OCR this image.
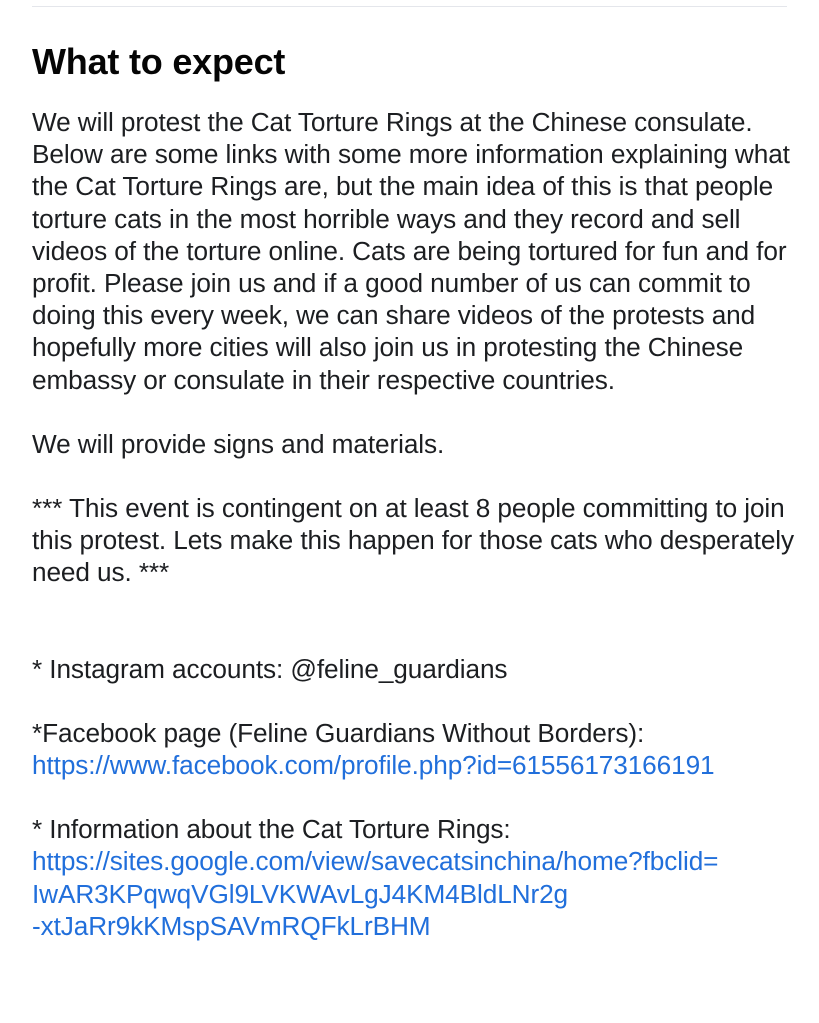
What to expect

We will protest the Cat Torture Rings at the Chinese consulate. Below are some links with some more information explaining what the Cat Torture Rings are, but the main idea of this is that people torture cats in the most horrible ways and they record and sell videos of the torture online. Cats are being tortured for fun and for profit. Please join us and if a good number of us can commit to doing this every week, we can share videos of the protests and hopefully more cities will also join us in protesting the Chinese embassy or consulate in their respective countries.

We will provide signs and materials.

*** This event is contingent on at least 8 people committing to join this protest. Lets make this happen for those cats who desperately need us. ***

* Instagram accounts: @feline_guardians

*Facebook page (Feline Guardians Without Borders):

https://www.facebook.com/profile.php?id=61556173166191

* Information about the Cat Torture Rings:

https://sites.google.com/view/savecatsinchina/home?fbclid=
IwAR3KPqwqVGl9LVKWAvLgJ4KM4BldLNr2g
-xtJaRr9kKMspSAVmRQFkLrBHM
